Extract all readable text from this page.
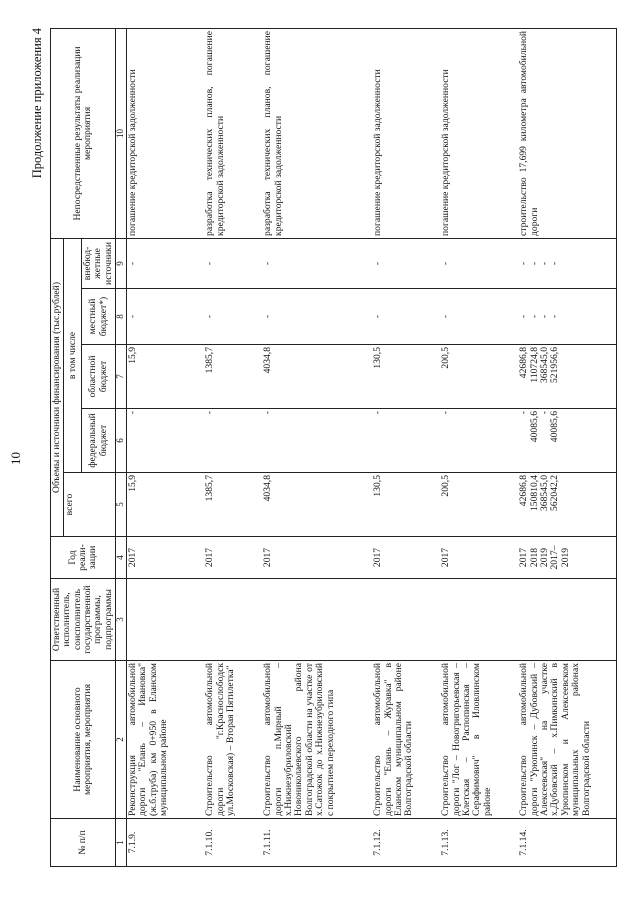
10
Продолжение приложения 4
№ п/п	Наименование основного мероприятия, мероприятия	Ответственный исполнитель, соисполнитель государственной программы, подпрограммы	Год реали-зации	Объемы и источники финансирования (тыс.рублей)					Непосредственные результаты реализации мероприятия
				всего	в том числе				
					федеральный бюджет	областной бюджет	местный бюджет*)	внебюд-жетные источники	
1	2	3	4	5	6	7	8	9	10
7.1.9.	Реконструкция автомобильной дороги "Елань – Ивановка" (ж.б.труба) км 0+950 в Еланском муниципальном районе		2017	15,9	-	15,9	-	-	погашение кредиторской задолженности
7.1.10.	Строительство автомобильной дороги "г.Краснослободск ул.Московская) – Вторая Пятилетка"		2017	1385,7	-	1385,7	-	-	разработка технических планов, погашение кредиторской задолженности
7.1.11.	Строительство автомобильной дороги п.Мирный – х.Нижнезубриловский Новониколаевского района Волгоградской области на участке от х.Сатожок до х.Нижнезубриловский с покрытием переходного типа		2017	4034,8	-	4034,8	-	-	разработка технических планов, погашение кредиторской задолженности
7.1.12.	Строительство автомобильной дороги "Елань – Журавка" в Еланском муниципальном районе Волгоградской области		2017	130,5	-	130,5	-	-	погашение кредиторской задолженности
7.1.13.	Строительство автомобильной дороги "Лог – Новогригорьевская – Клетская – Распопинская – Серафимович" в Иловлинском районе		2017	200,5	-	200,5	-	-	погашение кредиторской задолженности
7.1.14.	Строительство автомобильной дороги "Урюпинск – Дубовский – Алексеевская" на участке х.Дубовский – х.Пимкинский в Урюпинском и Алексеевском муниципальных районах Волгоградской области		2017 2018 2019 2017–2019	42686,8 150810,4 368545,0 562042,2	- 40085,6 - 40085,6	42686,8 110724,8 368545,0 521956,6	- - - -	- - - -	строительство 17,699 километра автомобильной дороги
